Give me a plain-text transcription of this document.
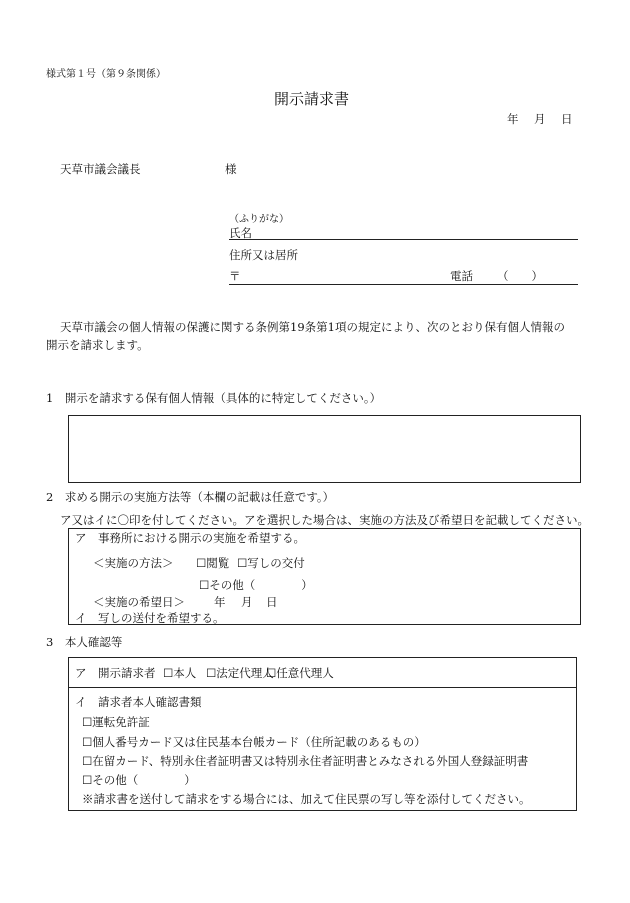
様式第１号（第９条関係）
開示請求書
年 月 日
天草市議会議長	様
（ふりがな）
氏名
住所又は居所
〒	電話 （　　）
天草市議会の個人情報の保護に関する条例第19条第1項の規定により、次のとおり保有個人情報の
開示を請求します。
1　開示を請求する保有個人情報（具体的に特定してください。）
2　求める開示の実施方法等（本欄の記載は任意です。）
ア又はイに〇印を付してください。アを選択した場合は、実施の方法及び希望日を記載してください。
ア　事務所における開示の実施を希望する。
＜実施の方法＞ ☐閲覧 ☐写しの交付
☐その他（　　　　）
＜実施の希望日＞	年 月 日
イ　写しの送付を希望する。
3　本人確認等
ア　開示請求者 ☐本人 ☐法定代理人
☐任意代理人
イ　請求者本人確認書類
☐運転免許証
☐個人番号カード又は住民基本台帳カード（住所記載のあるもの）
☐在留カード、特別永住者証明書又は特別永住者証明書とみなされる外国人登録証明書
☐その他（　　　　）
※請求書を送付して請求をする場合には、加えて住民票の写し等を添付してください。
